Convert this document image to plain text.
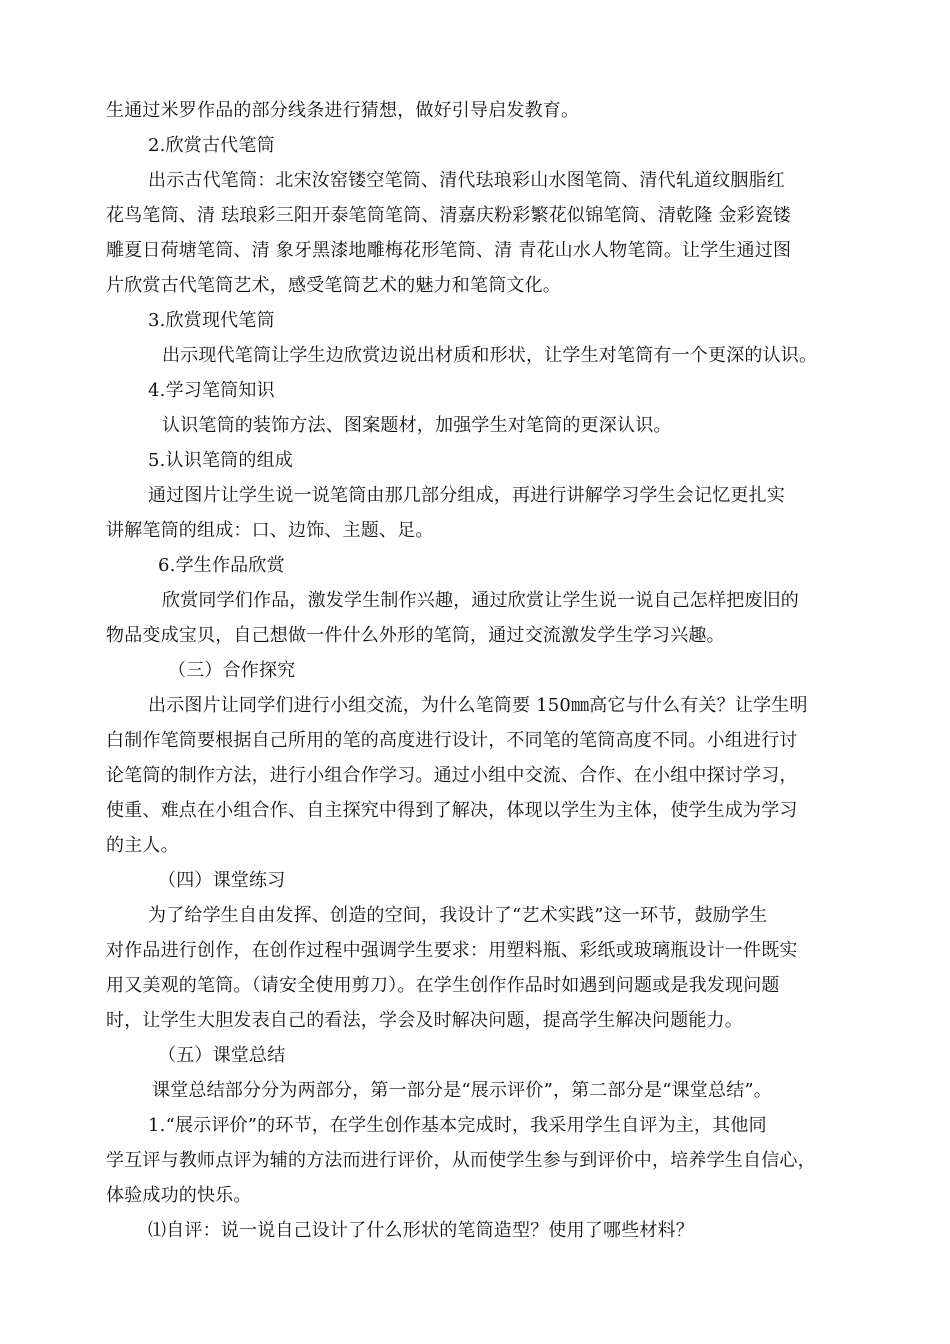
生通过米罗作品的部分线条进行猜想，做好引导启发教育。
2.欣赏古代笔筒
出示古代笔筒：北宋汝窑镂空笔筒、清代珐琅彩山水图笔筒、清代轧道纹胭脂红
花鸟笔筒、清 珐琅彩三阳开泰笔筒笔筒、清嘉庆粉彩繁花似锦笔筒、清乾隆 金彩瓷镂
雕夏日荷塘笔筒、清 象牙黑漆地雕梅花形笔筒、清 青花山水人物笔筒。让学生通过图
片欣赏古代笔筒艺术，感受笔筒艺术的魅力和笔筒文化。
3.欣赏现代笔筒
出示现代笔筒让学生边欣赏边说出材质和形状，让学生对笔筒有一个更深的认识。
4.学习笔筒知识
认识笔筒的装饰方法、图案题材，加强学生对笔筒的更深认识。
5.认识笔筒的组成
通过图片让学生说一说笔筒由那几部分组成，再进行讲解学习学生会记忆更扎实
讲解笔筒的组成：口、边饰、主题、足。
6.学生作品欣赏
欣赏同学们作品，激发学生制作兴趣，通过欣赏让学生说一说自己怎样把废旧的
物品变成宝贝，自己想做一件什么外形的笔筒，通过交流激发学生学习兴趣。
（三）合作探究
出示图片让同学们进行小组交流，为什么笔筒要 150㎜高它与什么有关？让学生明
白制作笔筒要根据自己所用的笔的高度进行设计，不同笔的笔筒高度不同。小组进行讨
论笔筒的制作方法，进行小组合作学习。通过小组中交流、合作、在小组中探讨学习，
使重、难点在小组合作、自主探究中得到了解决，体现以学生为主体，使学生成为学习
的主人。
（四）课堂练习
为了给学生自由发挥、创造的空间，我设计了“艺术实践”这一环节，鼓励学生
对作品进行创作，在创作过程中强调学生要求：用塑料瓶、彩纸或玻璃瓶设计一件既实
用又美观的笔筒。（请安全使用剪刀）。在学生创作作品时如遇到问题或是我发现问题
时，让学生大胆发表自己的看法，学会及时解决问题，提高学生解决问题能力。
（五）课堂总结
课堂总结部分分为两部分，第一部分是“展示评价”，第二部分是“课堂总结”。
1.“展示评价”的环节，在学生创作基本完成时，我采用学生自评为主，其他同
学互评与教师点评为辅的方法而进行评价，从而使学生参与到评价中，培养学生自信心，
体验成功的快乐。
⑴自评：说一说自己设计了什么形状的笔筒造型？使用了哪些材料？
